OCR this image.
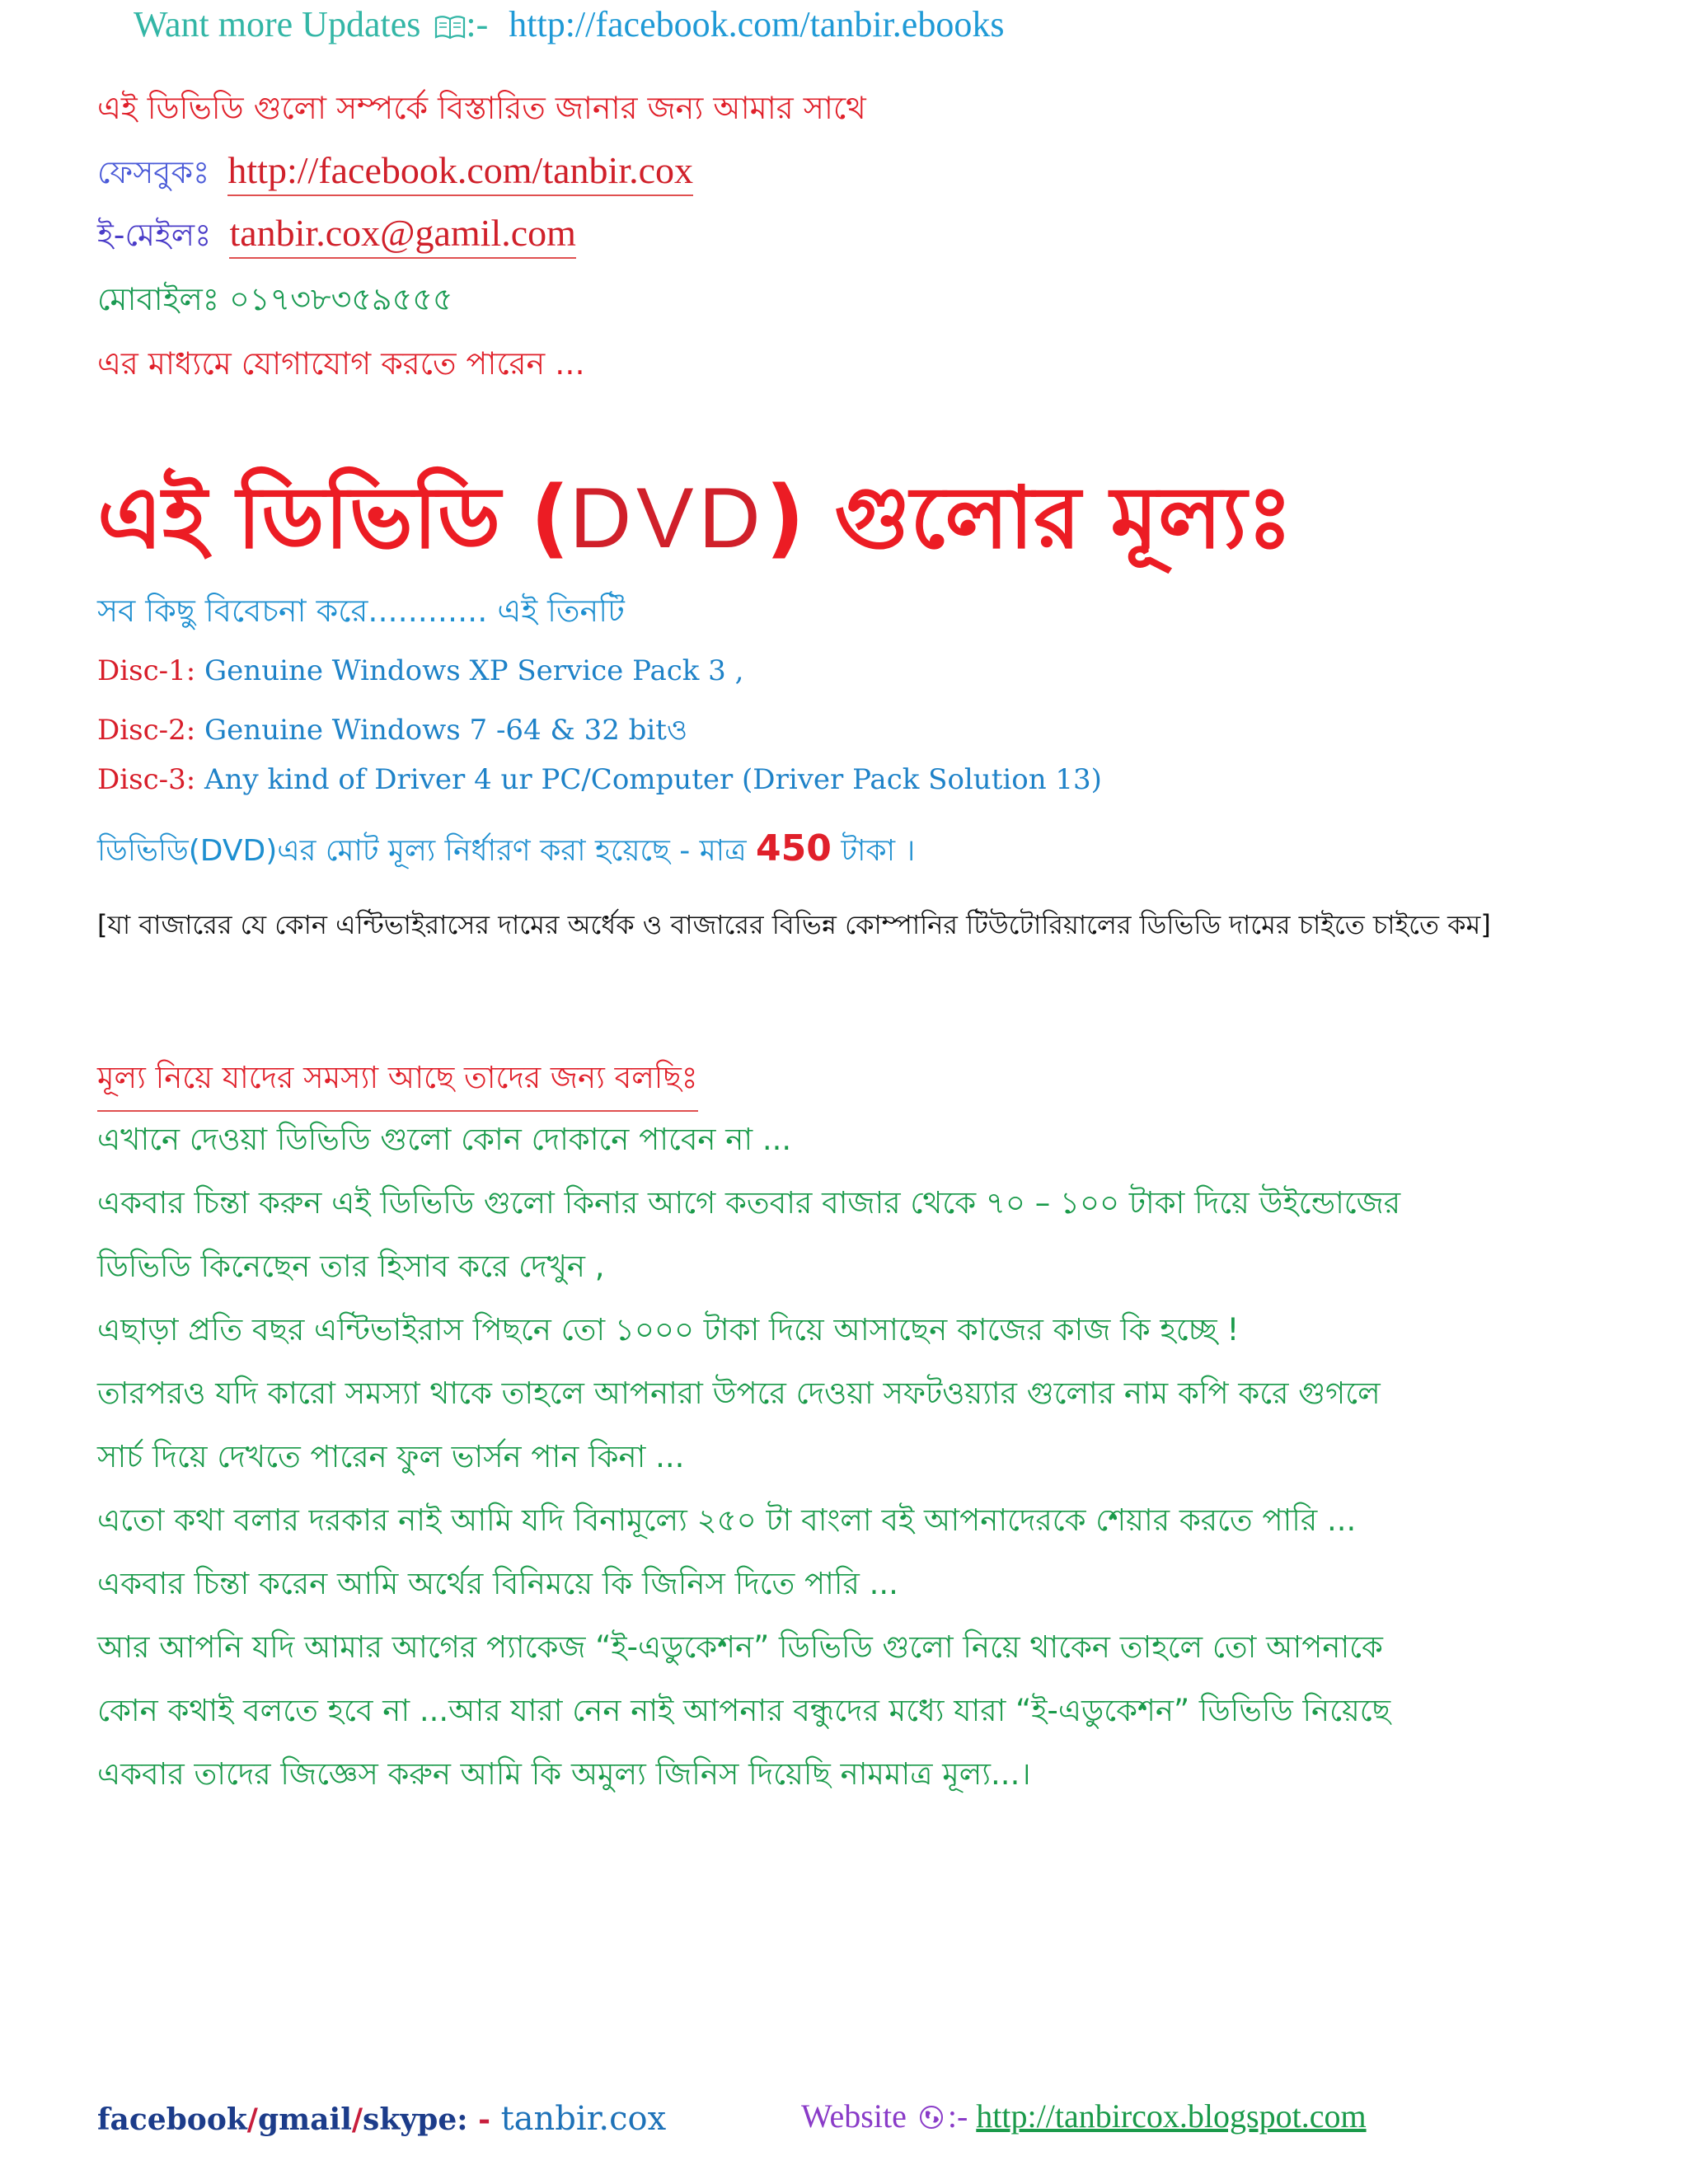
Want more Updates :- http://facebook.com/tanbir.ebooks
এই ডিভিডি গুলো সম্পর্কে বিস্তারিত জানার জন্য আমার সাথে
ফেসবুকঃ http://facebook.com/tanbir.cox
ই-মেইলঃ tanbir.cox@gamil.com
মোবাইলঃ ০১৭৩৮৩৫৯৫৫৫
এর মাধ্যমে যোগাযোগ করতে পারেন ...
এই ডিভিডি (DVD) গুলোর মূল্যঃ
সব কিছু বিবেচনা করে............ এই তিনটি
Disc-1: Genuine Windows XP Service Pack 3 ,
Disc-2: Genuine Windows 7 -64 & 32 bitও
Disc-3: Any kind of Driver 4 ur PC/Computer (Driver Pack Solution 13)
ডিভিডি(DVD)এর মোট মূল্য নির্ধারণ করা হয়েছে - মাত্র 450 টাকা ।
[যা বাজারের যে কোন এন্টিভাইরাসের দামের অর্ধেক ও বাজারের বিভিন্ন কোম্পানির টিউটোরিয়ালের ডিভিডি দামের চাইতে চাইতে কম]
মূল্য নিয়ে যাদের সমস্যা আছে তাদের জন্য বলছিঃ
এখানে দেওয়া ডিভিডি গুলো কোন দোকানে পাবেন না ...
একবার চিন্তা করুন এই ডিভিডি গুলো কিনার আগে কতবার বাজার থেকে ৭০ – ১০০ টাকা দিয়ে উইন্ডোজের
ডিভিডি কিনেছেন তার হিসাব করে দেখুন ,
এছাড়া প্রতি বছর এন্টিভাইরাস পিছনে তো ১০০০ টাকা দিয়ে আসাছেন কাজের কাজ কি হচ্ছে !
তারপরও যদি কারো সমস্যা থাকে তাহলে আপনারা উপরে দেওয়া সফটওয়্যার গুলোর নাম কপি করে গুগলে
সার্চ দিয়ে দেখতে পারেন ফুল ভার্সন পান কিনা ...
এতো কথা বলার দরকার নাই আমি যদি বিনামূল্যে ২৫০ টা বাংলা বই আপনাদেরকে শেয়ার করতে পারি ...
একবার চিন্তা করেন আমি অর্থের বিনিময়ে কি জিনিস দিতে পারি ...
আর আপনি যদি আমার আগের প্যাকেজ “ই-এডুকেশন” ডিভিডি গুলো নিয়ে থাকেন তাহলে তো আপনাকে
কোন কথাই বলতে হবে না ...আর যারা নেন নাই আপনার বন্ধুদের মধ্যে যারা “ই-এডুকেশন” ডিভিডি নিয়েছে
একবার তাদের জিজ্ঞেস করুন আমি কি অমুল্য জিনিস দিয়েছি নামমাত্র মূল্য...।
facebook/gmail/skype: - tanbir.cox	Website :- http://tanbircox.blogspot.com
